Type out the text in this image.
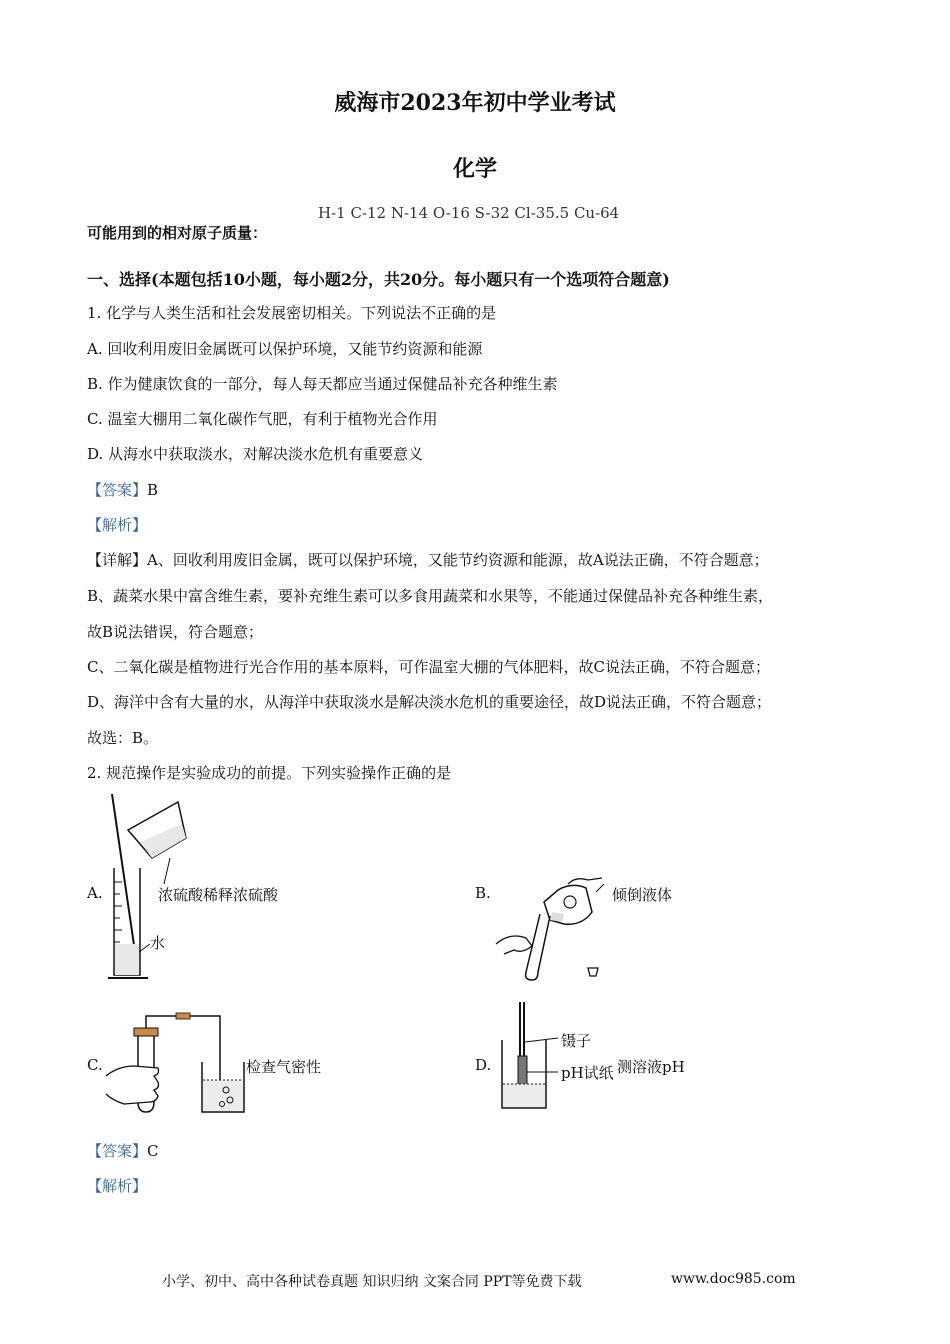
威海市2023年初中学业考试
化学
H-1 C-12 N-14 O-16 S-32 Cl-35.5 Cu-64
可能用到的相对原子质量：
一、选择(本题包括10小题，每小题2分，共20分。每小题只有一个选项符合题意)
1. 化学与人类生活和社会发展密切相关。下列说法不正确的是
A. 回收利用废旧金属既可以保护环境，又能节约资源和能源
B. 作为健康饮食的一部分，每人每天都应当通过保健品补充各种维生素
C. 温室大棚用二氧化碳作气肥，有利于植物光合作用
D. 从海水中获取淡水，对解决淡水危机有重要意义
【答案】B
【解析】
【详解】A、回收利用废旧金属，既可以保护环境，又能节约资源和能源，故A说法正确，不符合题意；
B、蔬菜水果中富含维生素，要补充维生素可以多食用蔬菜和水果等，不能通过保健品补充各种维生素，
故B说法错误，符合题意；
C、二氧化碳是植物进行光合作用的基本原料，可作温室大棚的气体肥料，故C说法正确，不符合题意；
D、海洋中含有大量的水，从海洋中获取淡水是解决淡水危机的重要途径，故D说法正确，不符合题意；
故选：B。
2. 规范操作是实验成功的前提。下列实验操作正确的是
A.	浓硫酸稀释浓硫酸
水
B.	倾倒液体
C.	检查气密性	D.
镊子
pH试纸 测溶液pH
【答案】C
【解析】
小学、初中、高中各种试卷真题 知识归纳 文案合同 PPT等免费下载	www.doc985.com
